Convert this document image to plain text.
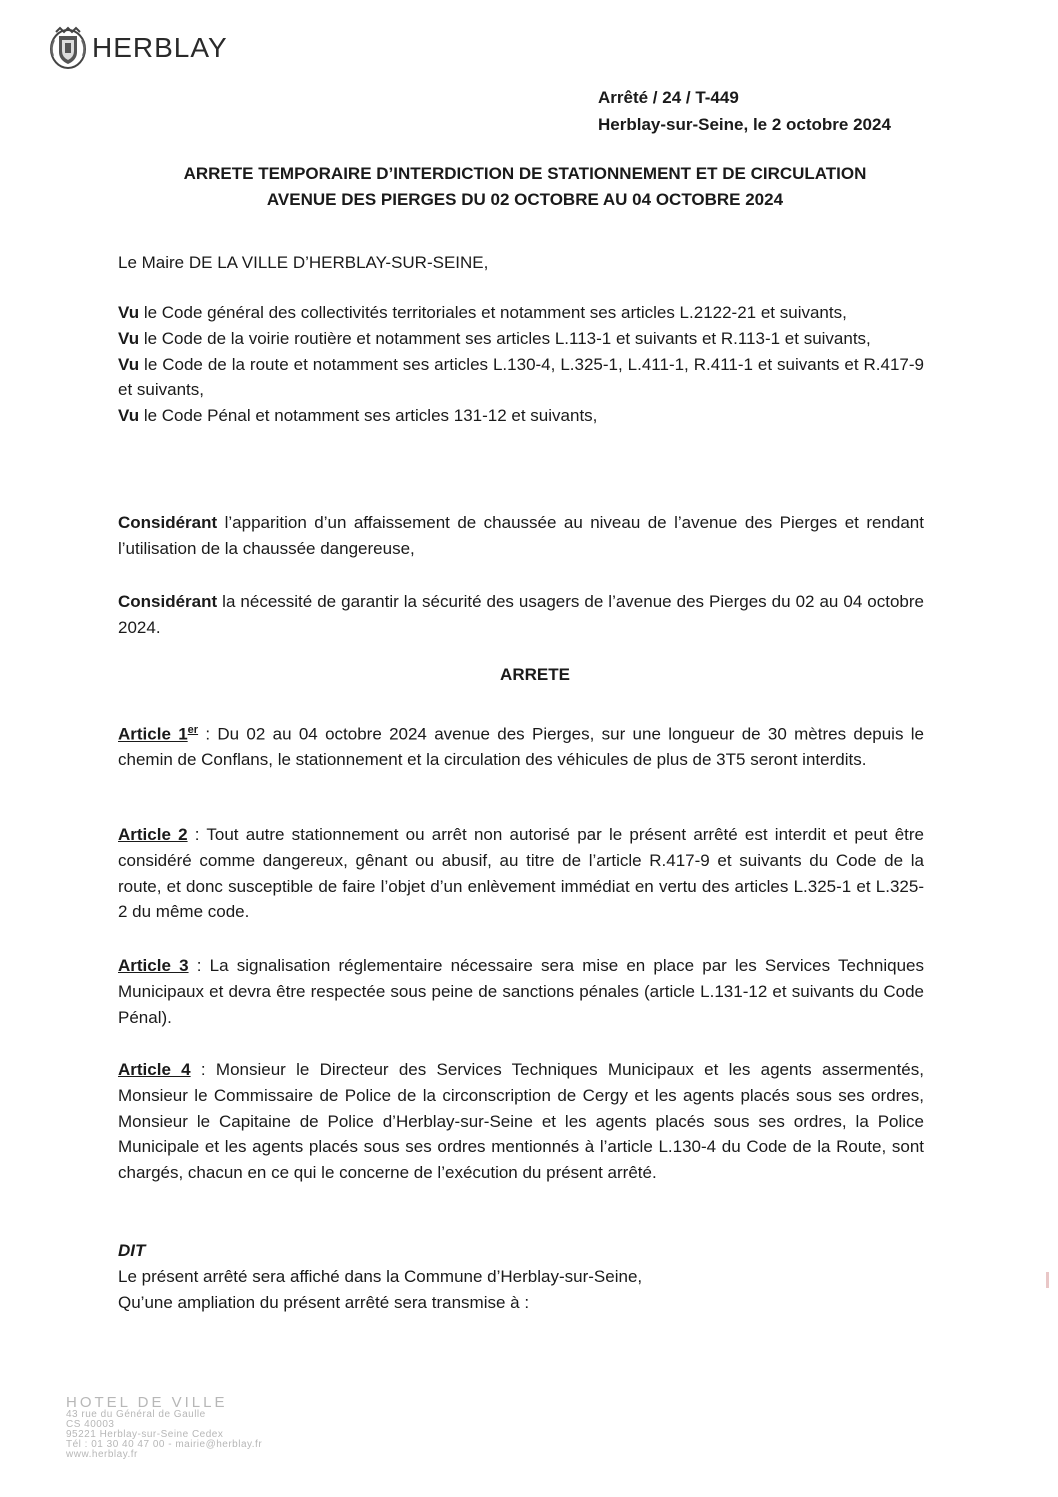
HERBLAY
Arrêté / 24 / T-449
Herblay-sur-Seine, le 2 octobre 2024
ARRETE TEMPORAIRE D’INTERDICTION DE STATIONNEMENT ET DE CIRCULATION
AVENUE DES PIERGES DU 02 OCTOBRE AU 04 OCTOBRE 2024

Le Maire DE LA VILLE D’HERBLAY-SUR-SEINE,

Vu le Code général des collectivités territoriales et notamment ses articles L.2122-21 et suivants,

Vu le Code de la voirie routière et notamment ses articles L.113-1 et suivants et R.113-1 et suivants,

Vu le Code de la route et notamment ses articles L.130-4, L.325-1, L.411-1, R.411-1 et suivants et R.417-9 et suivants,

Vu le Code Pénal et notamment ses articles 131-12 et suivants,

Considérant l’apparition d’un affaissement de chaussée au niveau de l’avenue des Pierges et rendant l’utilisation de la chaussée dangereuse,

Considérant la nécessité de garantir la sécurité des usagers de l’avenue des Pierges du 02 au 04 octobre 2024.

ARRETE

Article 1er : Du 02 au 04 octobre 2024 avenue des Pierges, sur une longueur de 30 mètres depuis le chemin de Conflans, le stationnement et la circulation des véhicules de plus de 3T5 seront interdits.

Article 2 : Tout autre stationnement ou arrêt non autorisé par le présent arrêté est interdit et peut être considéré comme dangereux, gênant ou abusif, au titre de l’article R.417-9 et suivants du Code de la route, et donc susceptible de faire l’objet d’un enlèvement immédiat en vertu des articles L.325-1 et L.325-2 du même code.

Article 3 : La signalisation réglementaire nécessaire sera mise en place par les Services Techniques Municipaux et devra être respectée sous peine de sanctions pénales (article L.131-12 et suivants du Code Pénal).

Article 4 : Monsieur le Directeur des Services Techniques Municipaux et les agents assermentés, Monsieur le Commissaire de Police de la circonscription de Cergy et les agents placés sous ses ordres, Monsieur le Capitaine de Police d’Herblay-sur-Seine et les agents placés sous ses ordres, la Police Municipale et les agents placés sous ses ordres mentionnés à l’article L.130-4 du Code de la Route, sont chargés, chacun en ce qui le concerne de l’exécution du présent arrêté.

DIT

Le présent arrêté sera affiché dans la Commune d’Herblay-sur-Seine,

Qu’une ampliation du présent arrêté sera transmise à :

HOTEL DE VILLE
43 rue du Général de Gaulle
CS 40003
95221 Herblay-sur-Seine Cedex
Tél : 01 30 40 47 00 - mairie@herblay.fr
www.herblay.fr
